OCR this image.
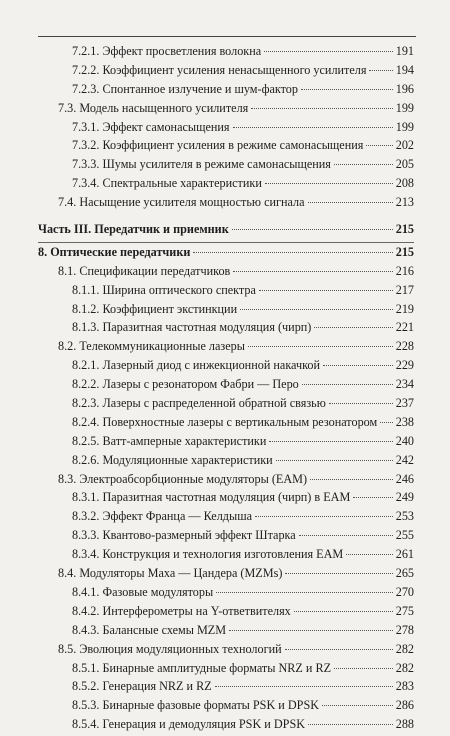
7.2.1. Эффект просветления волокна	191
7.2.2. Коэффициент усиления ненасыщенного усилителя 194
7.2.3. Спонтанное излучение и шум-фактор	196
7.3. Модель насыщенного усилителя	199
7.3.1. Эффект самонасыщения	199
7.3.2. Коэффициент усиления в режиме самонасыщения	202
7.3.3. Шумы усилителя в режиме самонасыщения	205
7.3.4. Спектральные характеристики	208
7.4. Насыщение усилителя мощностью сигнала	213
Часть III. Передатчик и приемник	215
8. Оптические передатчики	215
8.1. Спецификации передатчиков	216
8.1.1. Ширина оптического спектра	217
8.1.2. Коэффициент экстинкции	219
8.1.3. Паразитная частотная модуляция (чирп)	221
8.2. Телекоммуникационные лазеры	228
8.2.1. Лазерный диод с инжекционной накачкой	229
8.2.2. Лазеры с резонатором Фабри — Перо	234
8.2.3. Лазеры с распределенной обратной связью	237
8.2.4. Поверхностные лазеры с вертикальным резонатором 238
8.2.5. Ватт-амперные характеристики	240
8.2.6. Модуляционные характеристики	242
8.3. Электроабсорбционные модуляторы (EAM)	246
8.3.1. Паразитная частотная модуляция (чирп) в EAM	249
8.3.2. Эффект Франца — Келдыша	253
8.3.3. Квантово-размерный эффект Штарка	255
8.3.4. Конструкция и технология изготовления EAM	261
8.4. Модуляторы Маха — Цандера (MZMs)	265
8.4.1. Фазовые модуляторы	270
8.4.2. Интерферометры на Y-ответвителях	275
8.4.3. Балансные схемы MZM	278
8.5. Эволюция модуляционных технологий	282
8.5.1. Бинарные амплитудные форматы NRZ и RZ	282
8.5.2. Генерация NRZ и RZ	283
8.5.3. Бинарные фазовые форматы PSK и DPSK	286
8.5.4. Генерация и демодуляция PSK и DPSK	288
